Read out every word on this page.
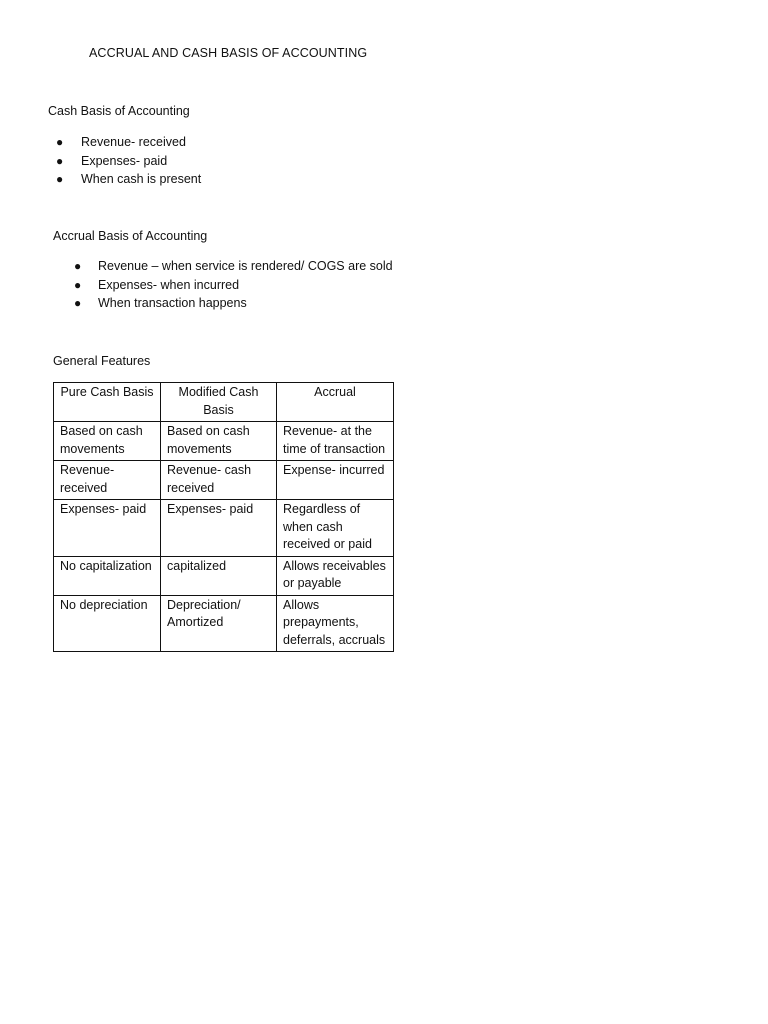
ACCRUAL AND CASH BASIS OF ACCOUNTING
Cash Basis of Accounting
● Revenue- received
● Expenses- paid
● When cash is present
Accrual Basis of Accounting
● Revenue – when service is rendered/ COGS are sold
● Expenses- when incurred
● When transaction happens
General Features
Pure Cash Basis	Modified Cash Basis	Accrual
Based on cash movements	Based on cash movements	Revenue- at the time of transaction
Revenue- received	Revenue- cash received	Expense- incurred
Expenses- paid	Expenses- paid	Regardless of when cash received or paid
No capitalization	capitalized	Allows receivables or payable
No depreciation	Depreciation/ Amortized	Allows prepayments, deferrals, accruals
